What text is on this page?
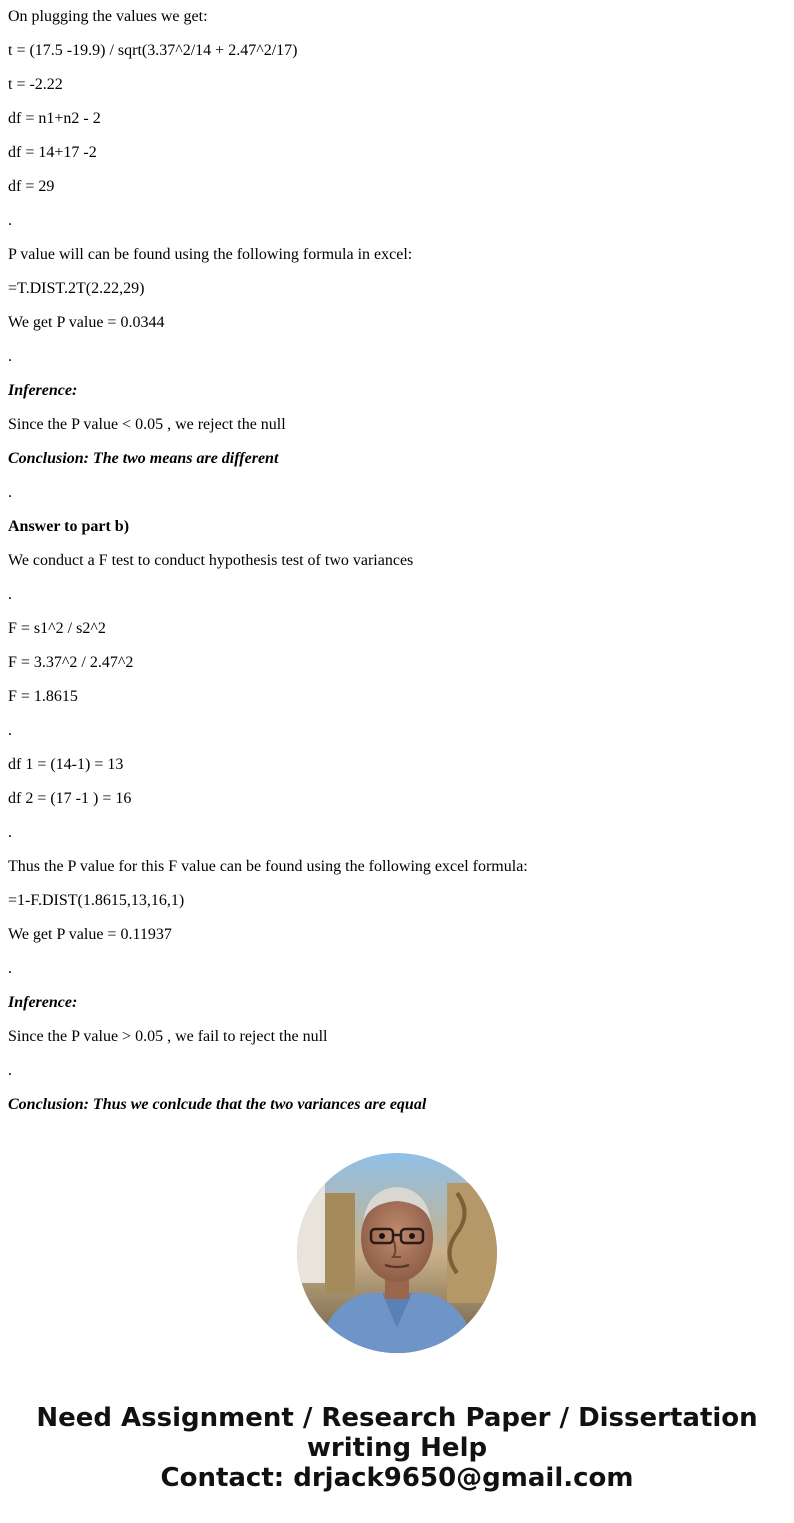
On plugging the values we get:

t = (17.5 -19.9) / sqrt(3.37^2/14 + 2.47^2/17)

t = -2.22

df = n1+n2 - 2

df = 14+17 -2

df = 29

.

P value will can be found using the following formula in excel:

=T.DIST.2T(2.22,29)

We get P value = 0.0344

.

Inference:

Since the P value < 0.05 , we reject the null

Conclusion: The two means are different

.

Answer to part b)

We conduct a F test to conduct hypothesis test of two variances

.

F = s1^2 / s2^2

F = 3.37^2 / 2.47^2

F = 1.8615

.

df 1 = (14-1) = 13

df 2 = (17 -1 ) = 16

.

Thus the P value for this F value can be found using the following excel formula:

=1-F.DIST(1.8615,13,16,1)

We get P value = 0.11937

.

Inference:

Since the P value > 0.05 , we fail to reject the null

.

Conclusion: Thus we conlcude that the two variances are equal

Need Assignment / Research Paper / Dissertation writing Help
Contact: drjack9650@gmail.com
